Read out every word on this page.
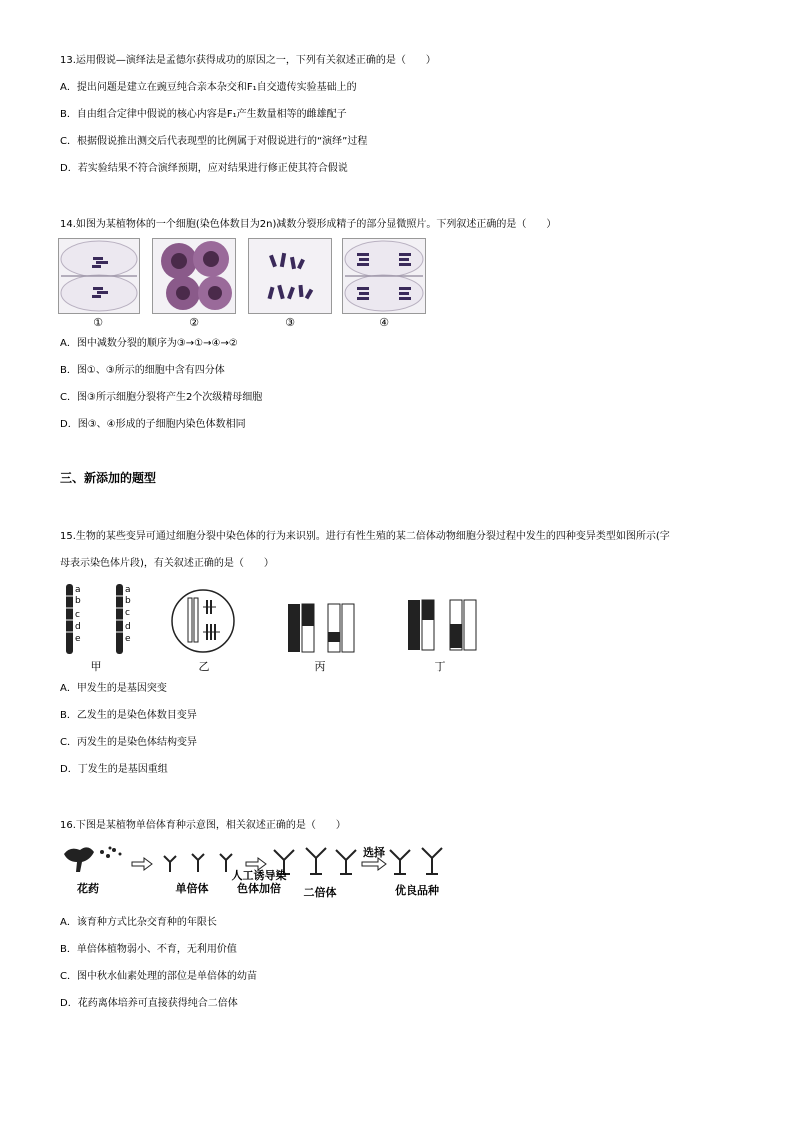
13.运用假说—演绎法是孟德尔获得成功的原因之一，下列有关叙述正确的是（　　）
A．提出问题是建立在豌豆纯合亲本杂交和F₁自交遗传实验基础上的
B．自由组合定律中假说的核心内容是F₁产生数量相等的雌雄配子
C．根据假说推出测交后代表现型的比例属于对假说进行的“演绎”过程
D．若实验结果不符合演绎预期，应对结果进行修正使其符合假说
14.如图为某植物体的一个细胞(染色体数目为2n)减数分裂形成精子的部分显微照片。下列叙述正确的是（　　）
①	②	③	④
A．图中减数分裂的顺序为③→①→④→②
B．图①、③所示的细胞中含有四分体
C．图③所示细胞分裂将产生2个次级精母细胞
D．图③、④形成的子细胞内染色体数相同
三、新添加的题型
15.生物的某些变异可通过细胞分裂中染色体的行为来识别。进行有性生殖的某二倍体动物细胞分裂过程中发生的四种变异类型如图所示(字
母表示染色体片段)，有关叙述正确的是（　　）
a
b
c
d
e
a
b
c
d
e
甲	乙	丙	丁
A．甲发生的是基因突变
B．乙发生的是染色体数目变异
C．丙发生的是染色体结构变异
D．丁发生的是基因重组
16.下图是某植物单倍体育种示意图，相关叙述正确的是（　　）
花药	单倍体
人工诱导染
色体加倍	二倍体
选择
优良品种
A．该育种方式比杂交育种的年限长
B．单倍体植物弱小、不育，无利用价值
C．图中秋水仙素处理的部位是单倍体的幼苗
D．花药离体培养可直接获得纯合二倍体
